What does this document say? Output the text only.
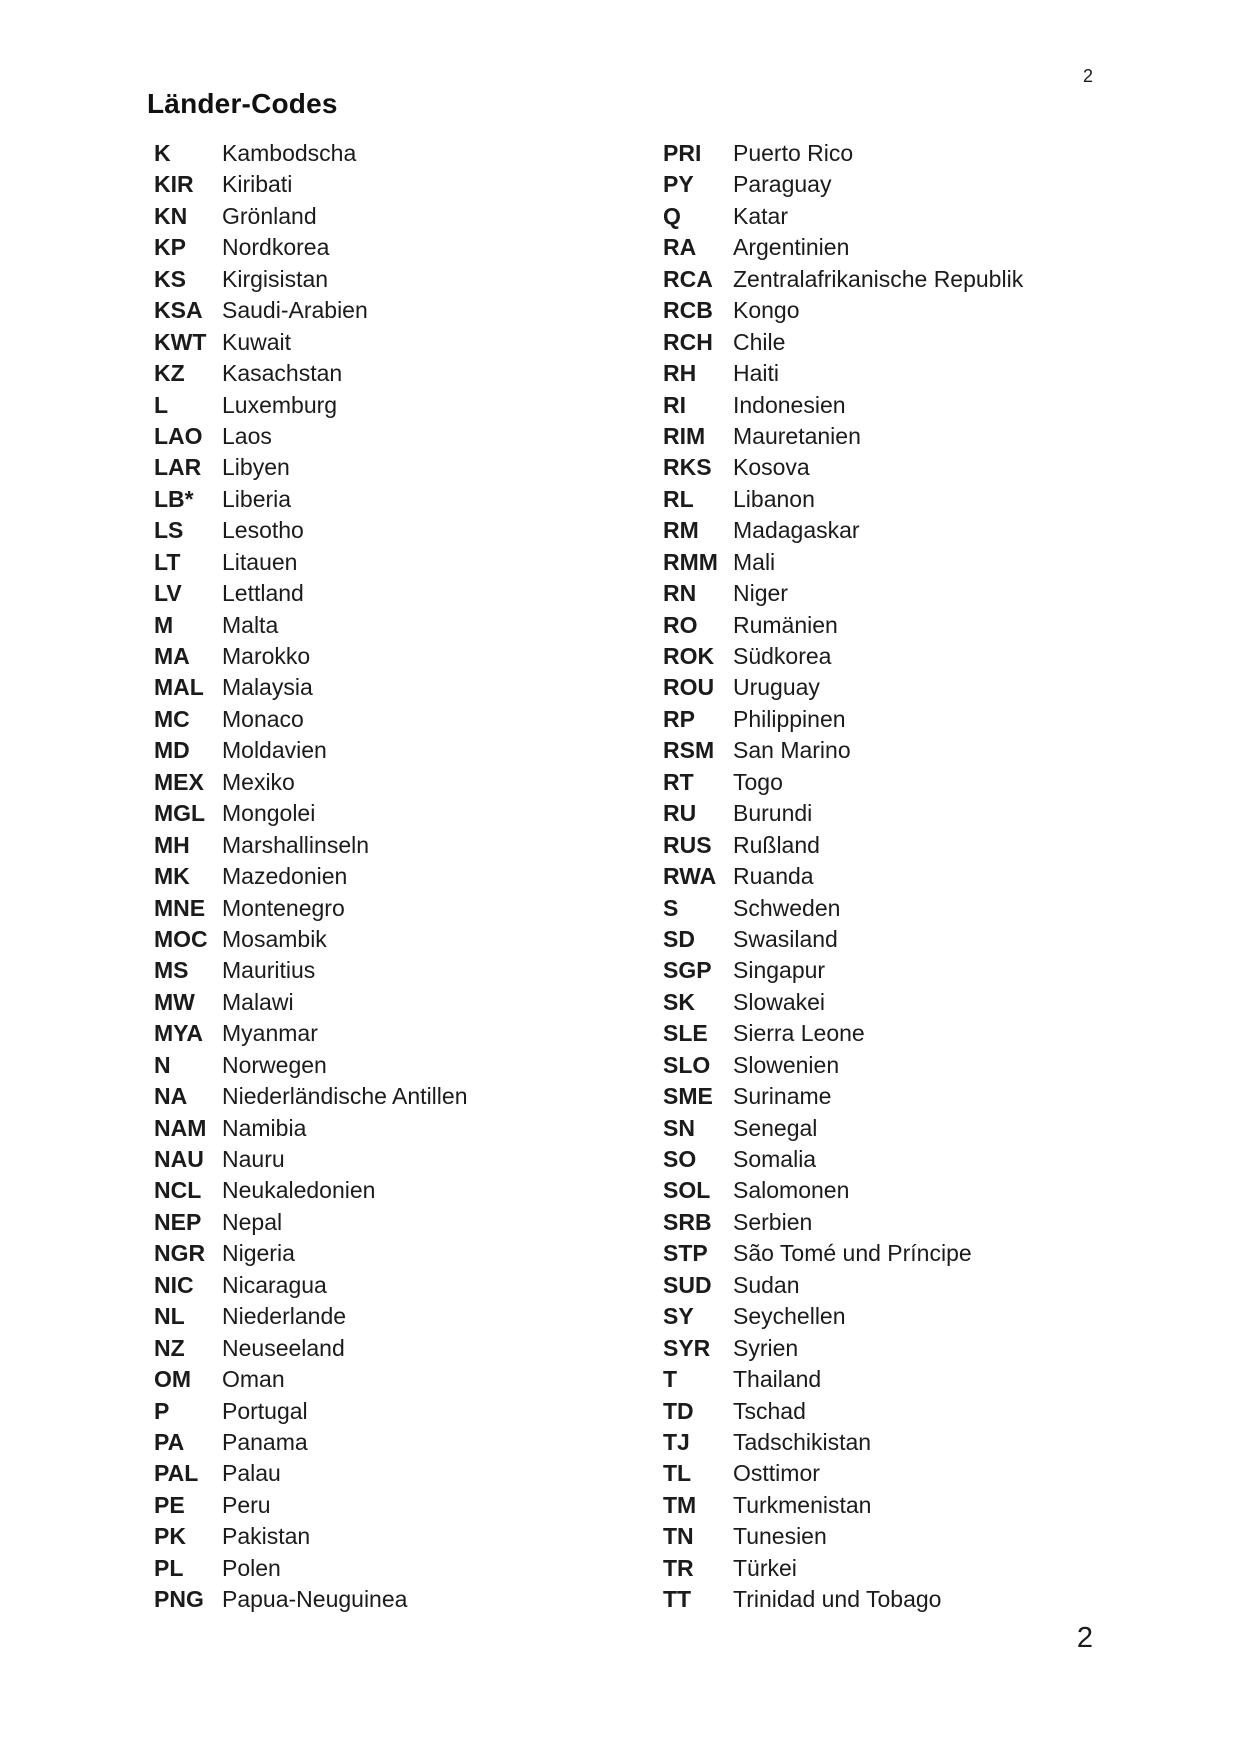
2
Länder-Codes
K	Kambodscha
KIR	Kiribati
KN	Grönland
KP	Nordkorea
KS	Kirgisistan
KSA Saudi-Arabien
KWT Kuwait
KZ	Kasachstan
L	Luxemburg
LAO Laos
LAR Libyen
LB*	Liberia
LS	Lesotho
LT	Litauen
LV	Lettland
M	Malta
MA	Marokko
MAL Malaysia
MC	Monaco
MD	Moldavien
MEX Mexiko
MGL Mongolei
MH	Marshallinseln
MK	Mazedonien
MNE Montenegro
MOC Mosambik
MS	Mauritius
MW	Malawi
MYA Myanmar
N	Norwegen
NA	Niederländische Antillen
NAM Namibia
NAU Nauru
NCL Neukaledonien
NEP Nepal
NGR Nigeria
NIC	Nicaragua
NL	Niederlande
NZ	Neuseeland
OM	Oman
P	Portugal
PA	Panama
PAL	Palau
PE	Peru
PK	Pakistan
PL	Polen
PNG Papua-Neuguinea
PRI	Puerto Rico
PY	Paraguay
Q	Katar
RA	Argentinien
RCA Zentralafrikanische Republik
RCB Kongo
RCH Chile
RH	Haiti
RI	Indonesien
RIM	Mauretanien
RKS Kosova
RL	Libanon
RM	Madagaskar
RMM Mali
RN	Niger
RO	Rumänien
ROK Südkorea
ROU Uruguay
RP	Philippinen
RSM San Marino
RT	Togo
RU	Burundi
RUS Rußland
RWA Ruanda
S	Schweden
SD	Swasiland
SGP Singapur
SK	Slowakei
SLE	Sierra Leone
SLO Slowenien
SME Suriname
SN	Senegal
SO	Somalia
SOL Salomonen
SRB Serbien
STP	São Tomé und Príncipe
SUD Sudan
SY	Seychellen
SYR Syrien
T	Thailand
TD	Tschad
TJ	Tadschikistan
TL	Osttimor
TM	Turkmenistan
TN	Tunesien
TR	Türkei
TT	Trinidad und Tobago
2
